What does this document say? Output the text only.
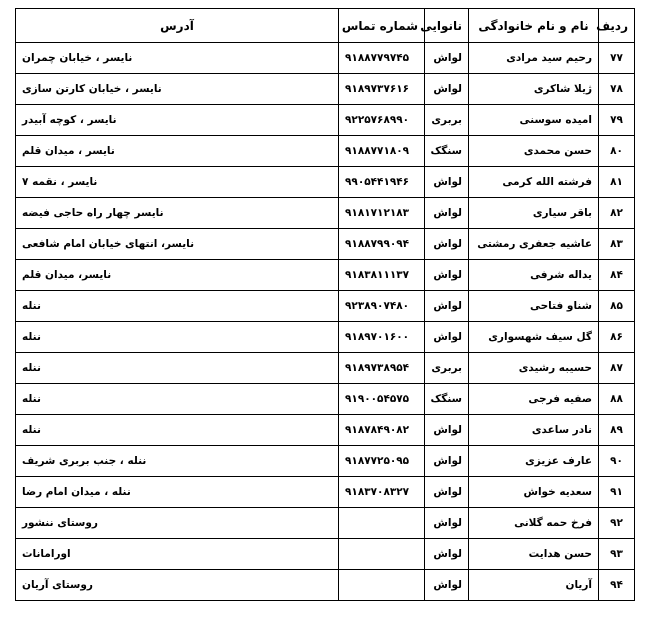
ردیف	نام و نام خانوادگی	نانوایی	شماره تماس	آدرس
۷۷	رحیم سید مرادی	لواش	۹۱۸۸۷۷۹۷۴۵	نایسر ، خیابان چمران
۷۸	ژیلا شاکری	لواش	۹۱۸۹۷۳۷۶۱۶	نایسر ، خیابان کارتن سازی
۷۹	امیده سوسنی	بربری	۹۲۲۵۷۶۸۹۹۰	نایسر ، کوچه آبیدر
۸۰	حسن محمدی	سنگک	۹۱۸۸۷۷۱۸۰۹	نایسر ، میدان قلم
۸۱	فرشته الله کرمی	لواش	۹۹۰۵۴۴۱۹۴۶	نایسر ، نقمه ۷
۸۲	باقر سیاری	لواش	۹۱۸۱۷۱۲۱۸۳	نایسر چهار راه حاجی فیضه
۸۳	عاشیه جعفری رمشتی	لواش	۹۱۸۸۷۹۹۰۹۴	نایسر، انتهای خیابان امام شافعی
۸۴	یداله شرفی	لواش	۹۱۸۳۸۱۱۱۳۷	نایسر، میدان قلم
۸۵	شناو فتاحی	لواش	۹۲۳۸۹۰۷۴۸۰	ننله
۸۶	گل سیف شهسواری	لواش	۹۱۸۹۷۰۱۶۰۰	ننله
۸۷	حسیبه رشیدی	بربری	۹۱۸۹۷۳۸۹۵۴	ننله
۸۸	صفیه فرجی	سنگک	۹۱۹۰۰۵۴۵۷۵	ننله
۸۹	نادر ساعدی	لواش	۹۱۸۷۸۴۹۰۸۲	ننله
۹۰	عارف عزیزی	لواش	۹۱۸۷۷۲۵۰۹۵	ننله ، جنب بربری شریف
۹۱	سعدیه خواش	لواش	۹۱۸۳۷۰۸۳۲۷	ننله ، میدان امام رضا
۹۲	فرخ حمه گلانی	لواش		روستای ننشور
۹۳	حسن هدایت	لواش		اورامانات
۹۴	آریان	لواش		روستای آریان
